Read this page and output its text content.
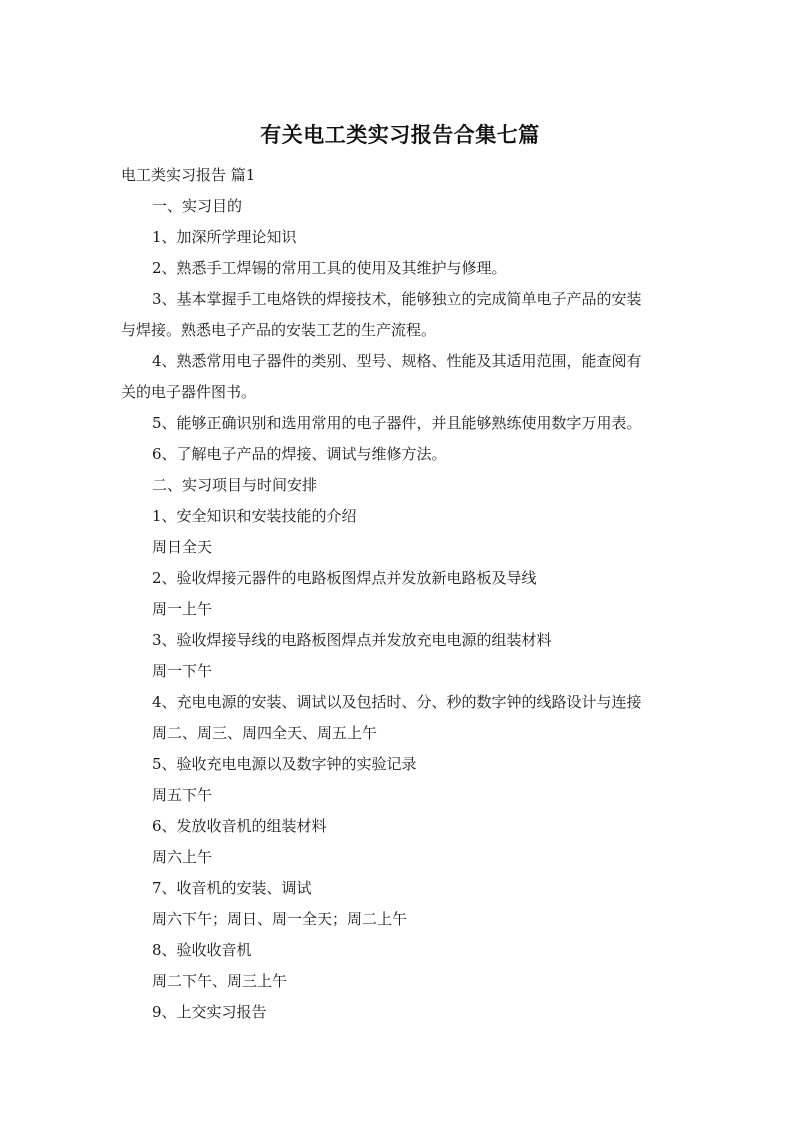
有关电工类实习报告合集七篇

电工类实习报告 篇1

一、实习目的

1、加深所学理论知识

2、熟悉手工焊锡的常用工具的使用及其维护与修理。

3、基本掌握手工电烙铁的焊接技术，能够独立的完成简单电子产品的安装

与焊接。熟悉电子产品的安装工艺的生产流程。

4、熟悉常用电子器件的类别、型号、规格、性能及其适用范围，能查阅有

关的电子器件图书。

5、能够正确识别和选用常用的电子器件，并且能够熟练使用数字万用表。

6、了解电子产品的焊接、调试与维修方法。

二、实习项目与时间安排

1、安全知识和安装技能的介绍

周日全天

2、验收焊接元器件的电路板图焊点并发放新电路板及导线

周一上午

3、验收焊接导线的电路板图焊点并发放充电电源的组装材料

周一下午

4、充电电源的安装、调试以及包括时、分、秒的数字钟的线路设计与连接

周二、周三、周四全天、周五上午

5、验收充电电源以及数字钟的实验记录

周五下午

6、发放收音机的组装材料

周六上午

7、收音机的安装、调试

周六下午；周日、周一全天；周二上午

8、验收收音机

周二下午、周三上午

9、上交实习报告
